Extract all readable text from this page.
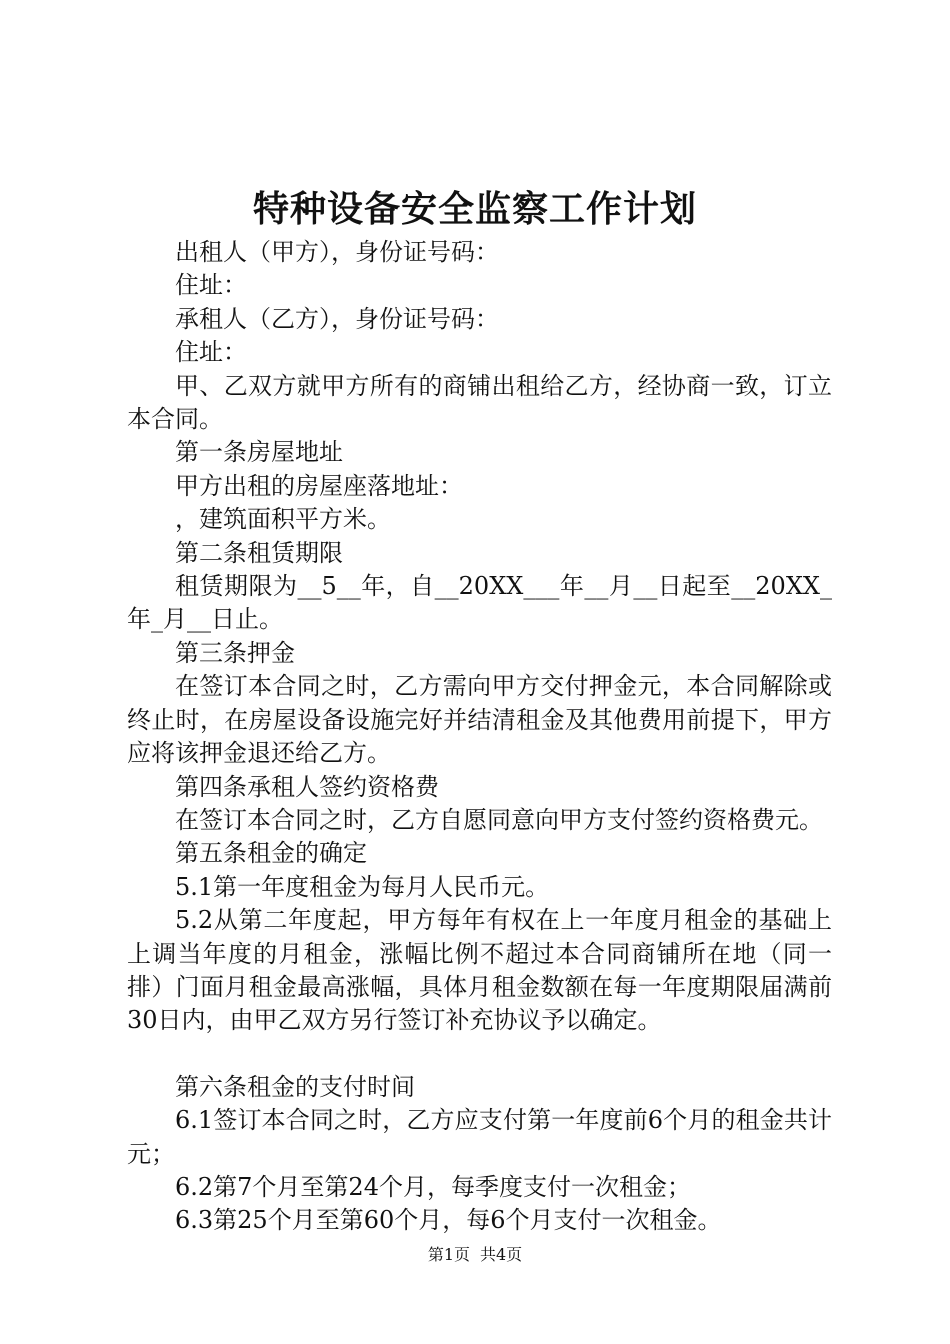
特种设备安全监察工作计划

出租人（甲方），身份证号码：

住址：

承租人（乙方），身份证号码：

住址：

甲、乙双方就甲方所有的商铺出租给乙方，经协商一致，订立本合同。

第一条房屋地址

甲方出租的房屋座落地址：

，建筑面积平方米。

第二条租赁期限

租赁期限为__5__年，自__20XX___年__月__日起至__20XX_年_月__日止。

第三条押金

在签订本合同之时，乙方需向甲方交付押金元，本合同解除或终止时，在房屋设备设施完好并结清租金及其他费用前提下，甲方应将该押金退还给乙方。

第四条承租人签约资格费

在签订本合同之时，乙方自愿同意向甲方支付签约资格费元。

第五条租金的确定

5.1第一年度租金为每月人民币元。

5.2从第二年度起，甲方每年有权在上一年度月租金的基础上上调当年度的月租金，涨幅比例不超过本合同商铺所在地（同一排）门面月租金最高涨幅，具体月租金数额在每一年度期限届满前30日内，由甲乙双方另行签订补充协议予以确定。

第六条租金的支付时间

6.1签订本合同之时，乙方应支付第一年度前6个月的租金共计元；

6.2第7个月至第24个月，每季度支付一次租金；

6.3第25个月至第60个月，每6个月支付一次租金。

第1页 共4页
